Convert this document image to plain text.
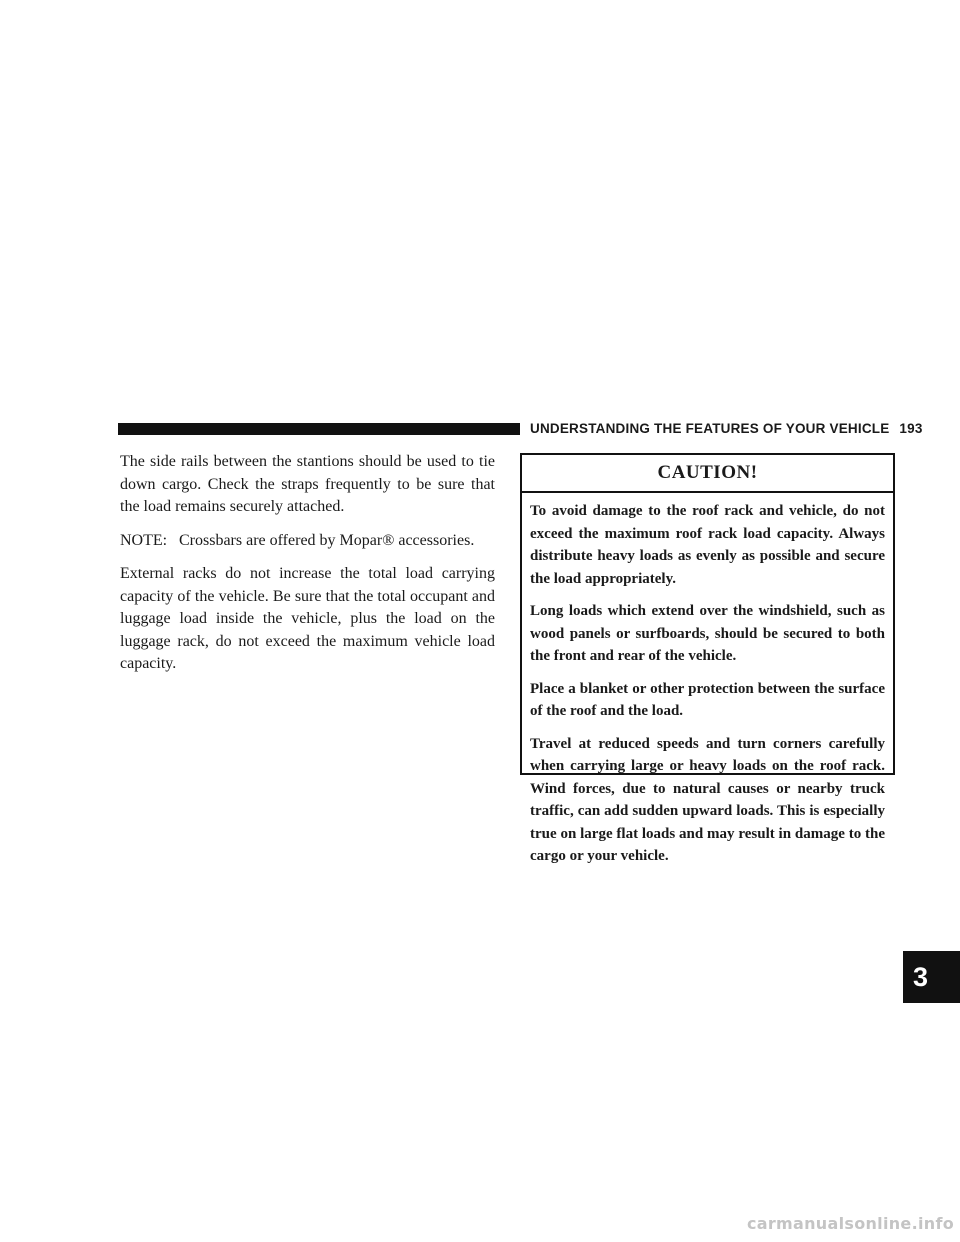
UNDERSTANDING THE FEATURES OF YOUR VEHICLE 193

The side rails between the stantions should be used to tie down cargo. Check the straps frequently to be sure that the load remains securely attached.

NOTE: Crossbars are offered by Mopar® accessories.

External racks do not increase the total load carrying capacity of the vehicle. Be sure that the total occupant and luggage load inside the vehicle, plus the load on the luggage rack, do not exceed the maximum vehicle load capacity.

CAUTION!

To avoid damage to the roof rack and vehicle, do not exceed the maximum roof rack load capacity. Always distribute heavy loads as evenly as possible and secure the load appropriately.

Long loads which extend over the windshield, such as wood panels or surfboards, should be secured to both the front and rear of the vehicle.

Place a blanket or other protection between the surface of the roof and the load.

Travel at reduced speeds and turn corners carefully when carrying large or heavy loads on the roof rack. Wind forces, due to natural causes or nearby truck traffic, can add sudden upward loads. This is especially true on large flat loads and may result in damage to the cargo or your vehicle.

3
carmanualsonline.info
